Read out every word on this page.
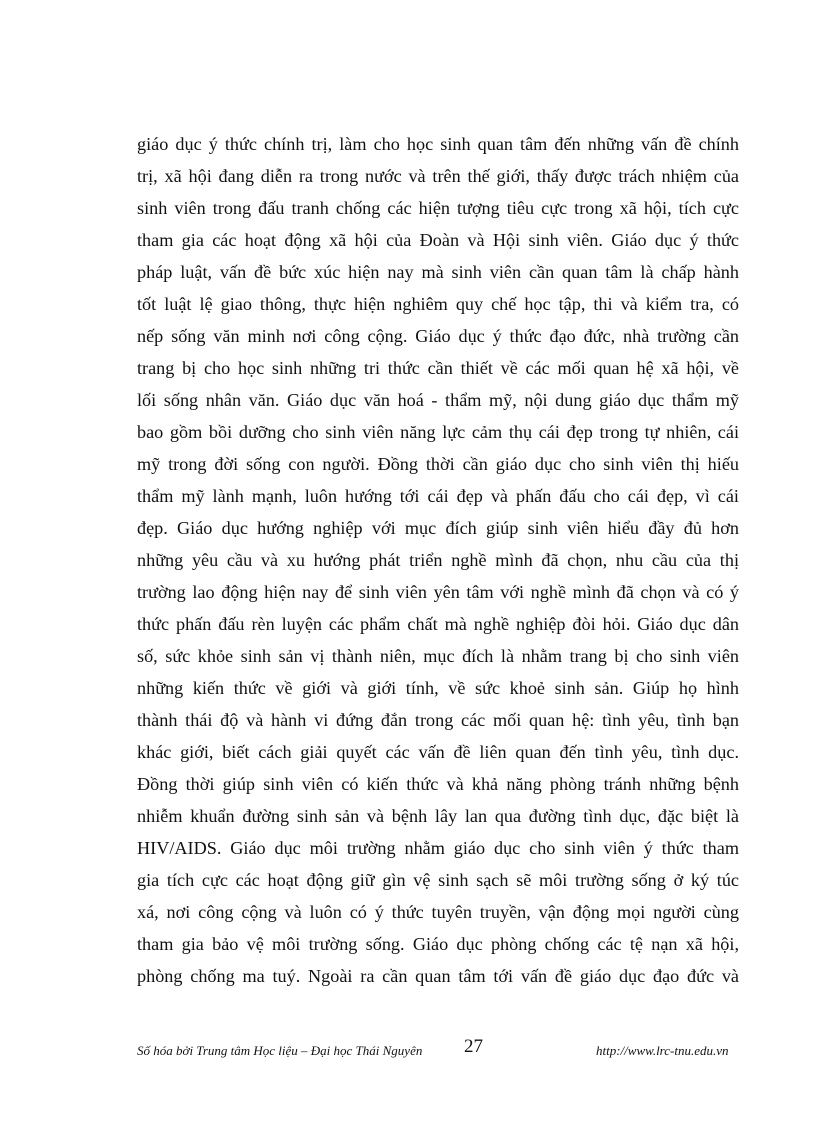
giáo dục ý thức chính trị, làm cho học sinh quan tâm đến những vấn đề chính
trị, xã hội đang diễn ra trong nước và trên thế giới, thấy được trách nhiệm của
sinh viên trong đấu tranh chống các hiện tượng tiêu cực trong xã hội, tích cực
tham gia các hoạt động xã hội của Đoàn và Hội sinh viên. Giáo dục ý thức
pháp luật, vấn đề bức xúc hiện nay mà sinh viên cần quan tâm là chấp hành
tốt luật lệ giao thông, thực hiện nghiêm quy chế học tập, thi và kiểm tra, có
nếp sống văn minh nơi công cộng. Giáo dục ý thức đạo đức, nhà trường cần
trang bị cho học sinh những tri thức cần thiết về các mối quan hệ xã hội, về
lối sống nhân văn. Giáo dục văn hoá - thẩm mỹ, nội dung giáo dục thẩm mỹ
bao gồm bồi dưỡng cho sinh viên năng lực cảm thụ cái đẹp trong tự nhiên, cái
mỹ trong đời sống con người. Đồng thời cần giáo dục cho sinh viên thị hiếu
thẩm mỹ lành mạnh, luôn hướng tới cái đẹp và phấn đấu cho cái đẹp, vì cái
đẹp. Giáo dục hướng nghiệp với mục đích giúp sinh viên hiểu đầy đủ hơn
những yêu cầu và xu hướng phát triển nghề mình đã chọn, nhu cầu của thị
trường lao động hiện nay để sinh viên yên tâm với nghề mình đã chọn và có ý
thức phấn đấu rèn luyện các phẩm chất mà nghề nghiệp đòi hỏi. Giáo dục dân
số, sức khỏe sinh sản vị thành niên, mục đích là nhằm trang bị cho sinh viên
những kiến thức về giới và giới tính, về sức khoẻ sinh sản. Giúp họ hình
thành thái độ và hành vi đứng đắn trong các mối quan hệ: tình yêu, tình bạn
khác giới, biết cách giải quyết các vấn đề liên quan đến tình yêu, tình dục.
Đồng thời giúp sinh viên có kiến thức và khả năng phòng tránh những bệnh
nhiễm khuẩn đường sinh sản và bệnh lây lan qua đường tình dục, đặc biệt là
HIV/AIDS. Giáo dục môi trường nhằm giáo dục cho sinh viên ý thức tham
gia tích cực các hoạt động giữ gìn vệ sinh sạch sẽ môi trường sống ở ký túc
xá, nơi công cộng và luôn có ý thức tuyên truyền, vận động mọi người cùng
tham gia bảo vệ môi trường sống. Giáo dục phòng chống các tệ nạn xã hội,
phòng chống ma tuý. Ngoài ra cần quan tâm tới vấn đề giáo dục đạo đức và
Số hóa bởi Trung tâm Học liệu – Đại học Thái Nguyên 27	http://www.lrc-tnu.edu.vn
